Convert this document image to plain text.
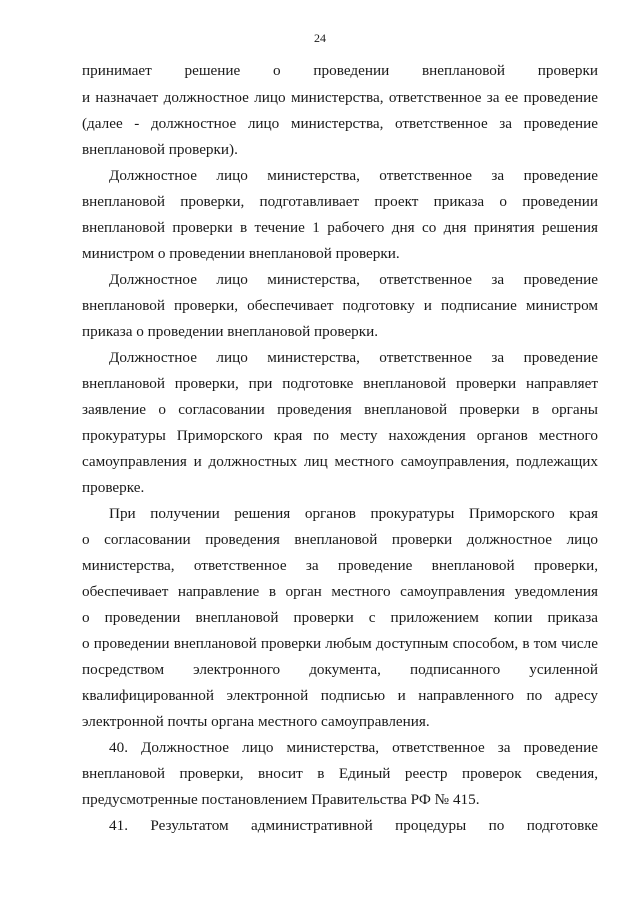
24
принимает решение о проведении внеплановой проверки
и назначает должностное лицо министерства, ответственное за ее проведение
(далее - должностное лицо министерства, ответственное за проведение
внеплановой проверки).
Должностное лицо министерства, ответственное за проведение
внеплановой проверки, подготавливает проект приказа о проведении
внеплановой проверки в течение 1 рабочего дня со дня принятия решения
министром о проведении внеплановой проверки.
Должностное лицо министерства, ответственное за проведение
внеплановой проверки, обеспечивает подготовку и подписание министром
приказа о проведении внеплановой проверки.
Должностное лицо министерства, ответственное за проведение
внеплановой проверки, при подготовке внеплановой проверки направляет
заявление о согласовании проведения внеплановой проверки в органы
прокуратуры Приморского края по месту нахождения органов местного
самоуправления и должностных лиц местного самоуправления, подлежащих
проверке.
При получении решения органов прокуратуры Приморского края
о согласовании проведения внеплановой проверки должностное лицо
министерства, ответственное за проведение внеплановой проверки,
обеспечивает направление в орган местного самоуправления уведомления
о проведении внеплановой проверки с приложением копии приказа
о проведении внеплановой проверки любым доступным способом, в том числе
посредством электронного документа, подписанного усиленной
квалифицированной электронной подписью и направленного по адресу
электронной почты органа местного самоуправления.
40. Должностное лицо министерства, ответственное за проведение
внеплановой проверки, вносит в Единый реестр проверок сведения,
предусмотренные постановлением Правительства РФ № 415.
41. Результатом административной процедуры по подготовке
